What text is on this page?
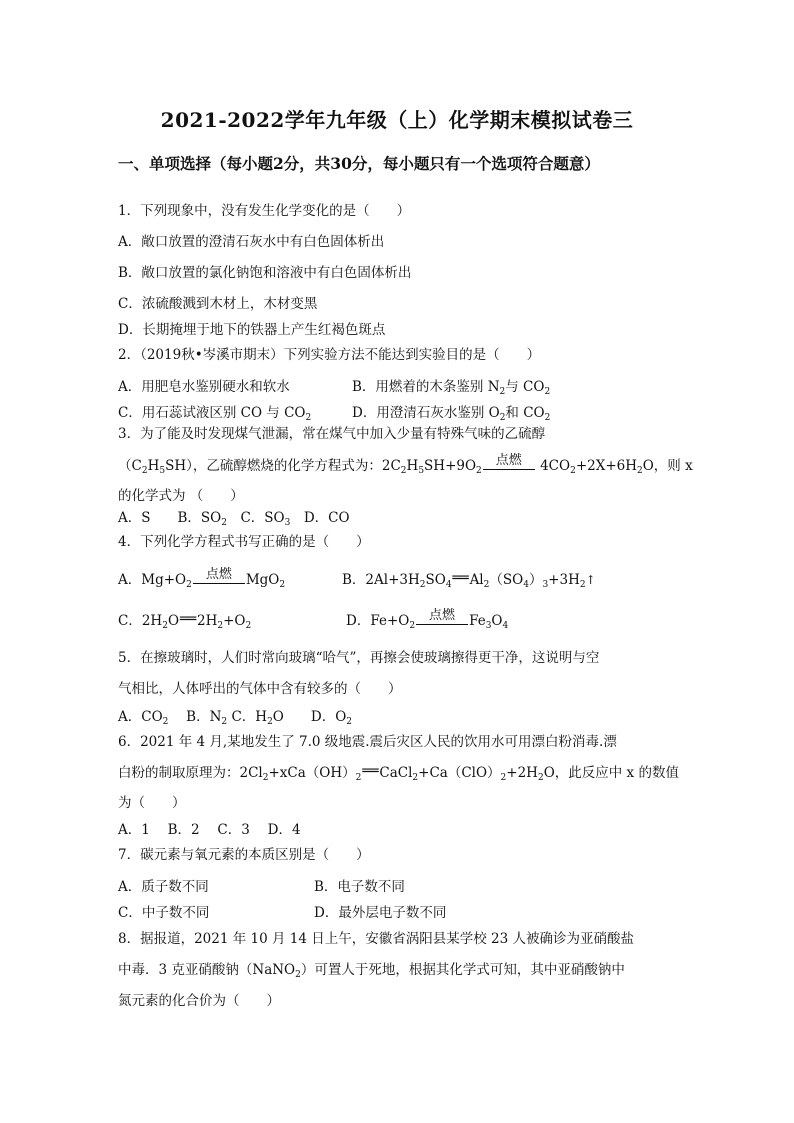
2021-2022学年九年级（上）化学期末模拟试卷三
一、单项选择（每小题2分，共30分，每小题只有一个选项符合题意）
1．下列现象中，没有发生化学变化的是（　　）
A．敞口放置的澄清石灰水中有白色固体析出
B．敞口放置的氯化钠饱和溶液中有白色固体析出
C．浓硫酸溅到木材上，木材变黑
D．长期掩埋于地下的铁器上产生红褐色斑点
2．（2019秋•岑溪市期末）下列实验方法不能达到实验目的是（　　）
A．用肥皂水鉴别硬水和软水	B．用燃着的木条鉴别 $N_2$与 $CO_2$
C．用石蕊试液区别 CO 与 $CO_2$	D．用澄清石灰水鉴别 $O_2$和 $CO_2$
3．为了能及时发现煤气泄漏，常在煤气中加入少量有特殊气味的乙硫醇
$(C_2H_5SH)$，乙硫醇燃烧的化学方程式为：$2C_2H_5SH+9O_2$
点燃	$4CO_2+2X+6H_2O$，则 x
的化学式为 （　　）
A．S　　B．$SO_2$　 C．$SO_3$　 D．CO
4．下列化学方程式书写正确的是（　　）
A．$Mg+O_2$
点燃	MgO$_2$	B．$2Al+3H_2SO_4══Al_2(SO_4)_3+3H_2↑$
C．$2H_2O══2H_2+O_2$	D．$Fe+O_2$
点燃	$Fe_3O_4$
5．在擦玻璃时，人们时常向玻璃“哈气”，再擦会使玻璃擦得更干净，这说明与空
气相比，人体呼出的气体中含有较多的（　　）
A．$CO_2$　 B．$N_2$ C．$H_2O$　　D．$O_2$
6．2021 年 4 月,某地发生了 7.0 级地震.震后灾区人民的饮用水可用漂白粉消毒.漂
白粉的制取原理为：$2Cl_2+xCa(OH)_2══CaCl_2+Ca(ClO)_2+2H_2O$，此反应中 x 的数值
为（　　）
A．1　 B．2　 C．3　 D．4
7．碳元素与氧元素的本质区别是（　　）
A．质子数不同	B．电子数不同
C．中子数不同	D．最外层电子数不同
8．据报道，2021 年 10 月 14 日上午，安徽省涡阳县某学校 23 人被确诊为亚硝酸盐
中毒．3 克亚硝酸钠（NaNO$_2$）可置人于死地，根据其化学式可知，其中亚硝酸钠中
氮元素的化合价为（　　）
